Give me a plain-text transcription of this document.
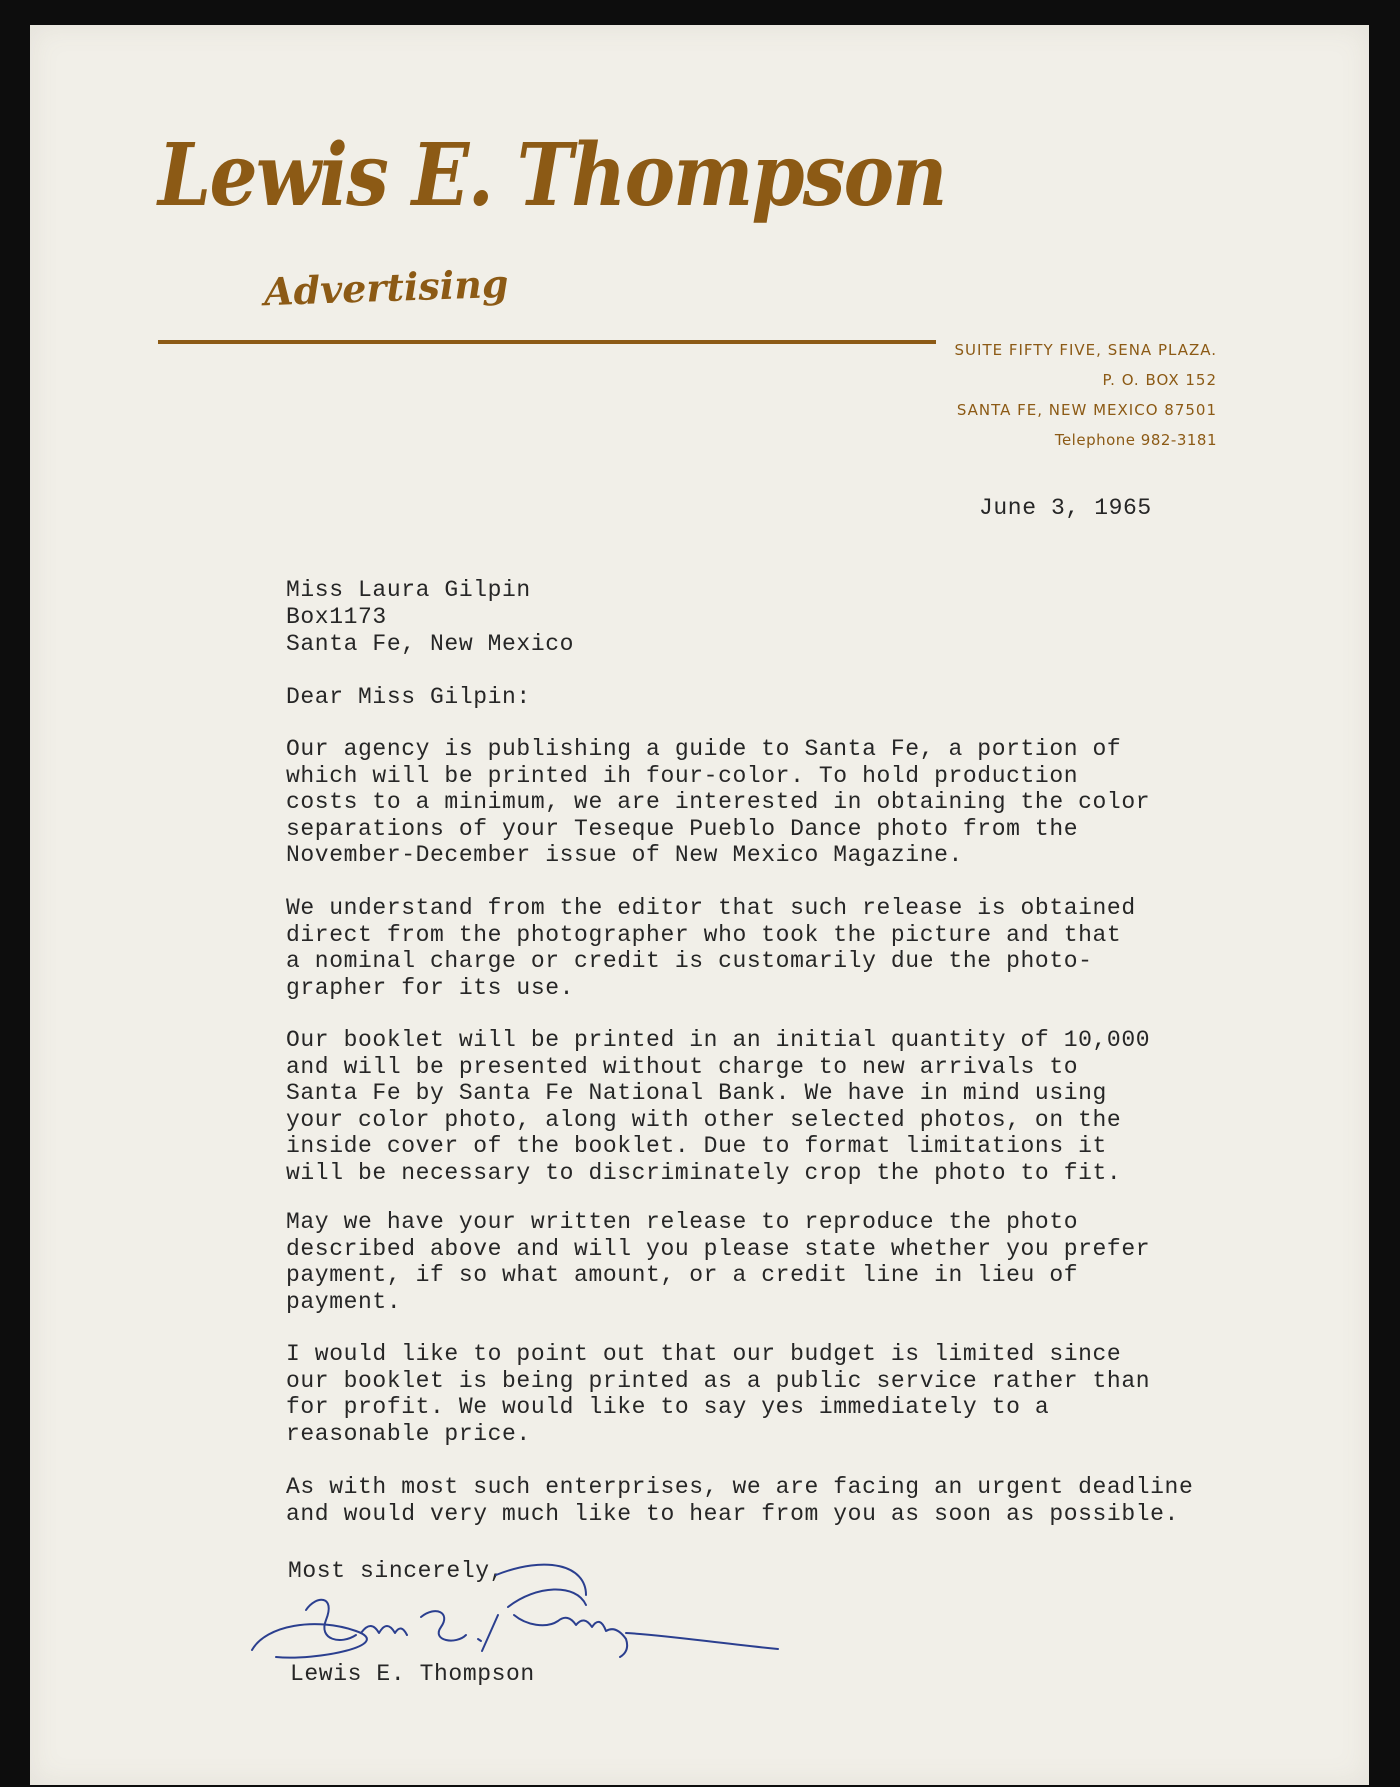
Lewis E. Thompson
Advertising
SUITE FIFTY FIVE, SENA PLAZA.
P. O. BOX 152
SANTA FE, NEW MEXICO 87501
Telephone 982-3181
June 3, 1965
Miss Laura Gilpin
Box1173
Santa Fe, New Mexico
Dear Miss Gilpin:
Our agency is publishing a guide to Santa Fe, a portion of
which will be printed ih four-color. To hold production
costs to a minimum, we are interested in obtaining the color
separations of your Teseque Pueblo Dance photo from the
November-December issue of New Mexico Magazine.
We understand from the editor that such release is obtained
direct from the photographer who took the picture and that
a nominal charge or credit is customarily due the photo-
grapher for its use.
Our booklet will be printed in an initial quantity of 10,000
and will be presented without charge to new arrivals to
Santa Fe by Santa Fe National Bank. We have in mind using
your color photo, along with other selected photos, on the
inside cover of the booklet. Due to format limitations it
will be necessary to discriminately crop the photo to fit.
May we have your written release to reproduce the photo
described above and will you please state whether you prefer
payment, if so what amount, or a credit line in lieu of
payment.
I would like to point out that our budget is limited since
our booklet is being printed as a public service rather than
for profit. We would like to say yes immediately to a
reasonable price.
As with most such enterprises, we are facing an urgent deadline
and would very much like to hear from you as soon as possible.
Most sincerely,
Lewis E. Thompson
